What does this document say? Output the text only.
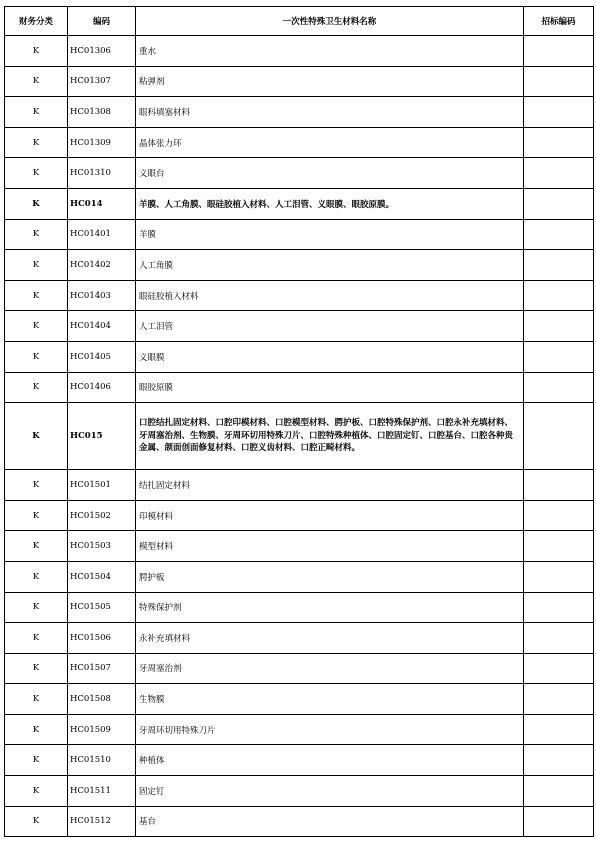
财务分类	编码	一次性特殊卫生材料名称	招标编码
K	HC01306	重水	
K	HC01307	粘弹剂	
K	HC01308	眼科填塞材料	
K	HC01309	晶体张力环	
K	HC01310	义眼台	
K	HC014	羊膜、人工角膜、眼硅胶植入材料、人工泪管、义眼膜、眼胶原膜。	
K	HC01401	羊膜	
K	HC01402	人工角膜	
K	HC01403	眼硅胶植入材料	
K	HC01404	人工泪管	
K	HC01405	义眼膜	
K	HC01406	眼胶原膜	
K	HC015	口腔结扎固定材料、口腔印模材料、口腔模型材料、腭护板、口腔特殊保护剂、口腔永补充填材料、牙周塞治剂、生物膜、牙周环切用特殊刀片、口腔特殊种植体、口腔固定钉、口腔基台、口腔各种贵金属、颌面创面修复材料、口腔义齿材料、口腔正畸材料。	
K	HC01501	结扎固定材料	
K	HC01502	印模材料	
K	HC01503	模型材料	
K	HC01504	腭护板	
K	HC01505	特殊保护剂	
K	HC01506	永补充填材料	
K	HC01507	牙周塞治剂	
K	HC01508	生物膜	
K	HC01509	牙周环切用特殊刀片	
K	HC01510	种植体	
K	HC01511	固定钉	
K	HC01512	基台	
